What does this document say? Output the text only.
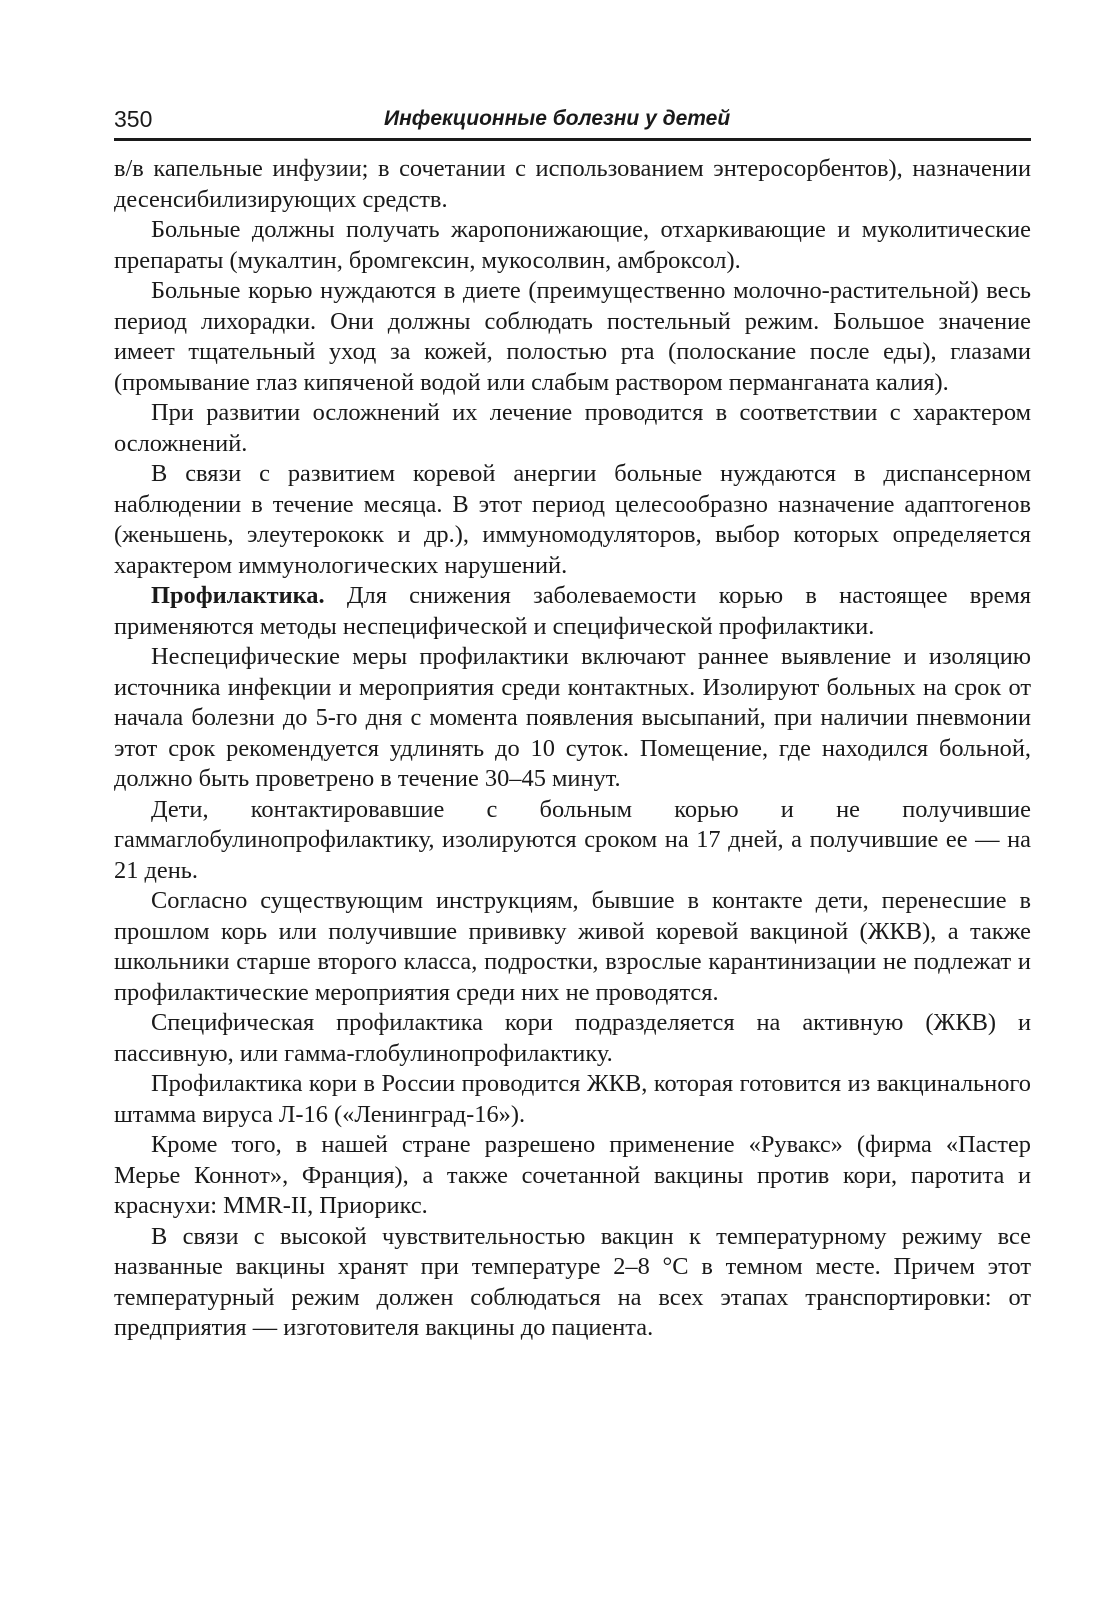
350	Инфекционные болезни у детей

в/в капельные инфузии; в сочетании с использованием энтеросорбентов), назначении десенсибилизирующих средств.

Больные должны получать жаропонижающие, отхаркивающие и муколитические препараты (мукалтин, бромгексин, мукосолвин, амброксол).

Больные корью нуждаются в диете (преимущественно молочно-растительной) весь период лихорадки. Они должны соблюдать постельный режим. Большое значение имеет тщательный уход за кожей, полостью рта (полоскание после еды), глазами (промывание глаз кипяченой водой или слабым раствором перманганата калия).

При развитии осложнений их лечение проводится в соответствии с характером осложнений.

В связи с развитием коревой анергии больные нуждаются в диспансерном наблюдении в течение месяца. В этот период целесообразно назначение адаптогенов (женьшень, элеутерококк и др.), иммуномодуляторов, выбор которых определяется характером иммунологических нарушений.

Профилактика. Для снижения заболеваемости корью в настоящее время применяются методы неспецифической и специфической профилактики.

Неспецифические меры профилактики включают раннее выявление и изоляцию источника инфекции и мероприятия среди контактных. Изолируют больных на срок от начала болезни до 5-го дня с момента появления высыпаний, при наличии пневмонии этот срок рекомендуется удлинять до 10 суток. Помещение, где находился больной, должно быть проветрено в течение 30–45 минут.

Дети, контактировавшие с больным корью и не получившие гаммаглобулинопрофилактику, изолируются сроком на 17 дней, а получившие ее — на 21 день.

Согласно существующим инструкциям, бывшие в контакте дети, перенесшие в прошлом корь или получившие прививку живой коревой вакциной (ЖКВ), а также школьники старше второго класса, подростки, взрослые карантинизации не подлежат и профилактические мероприятия среди них не проводятся.

Специфическая профилактика кори подразделяется на активную (ЖКВ) и пассивную, или гамма-глобулинопрофилактику.

Профилактика кори в России проводится ЖКВ, которая готовится из вакцинального штамма вируса Л-16 («Ленинград-16»).

Кроме того, в нашей стране разрешено применение «Рувакс» (фирма «Пастер Мерье Коннот», Франция), а также сочетанной вакцины против кори, паротита и краснухи: MMR-II, Приорикс.

В связи с высокой чувствительностью вакцин к температурному режиму все названные вакцины хранят при температуре 2–8 °С в темном месте. Причем этот температурный режим должен соблюдаться на всех этапах транспортировки: от предприятия — изготовителя вакцины до пациента.
